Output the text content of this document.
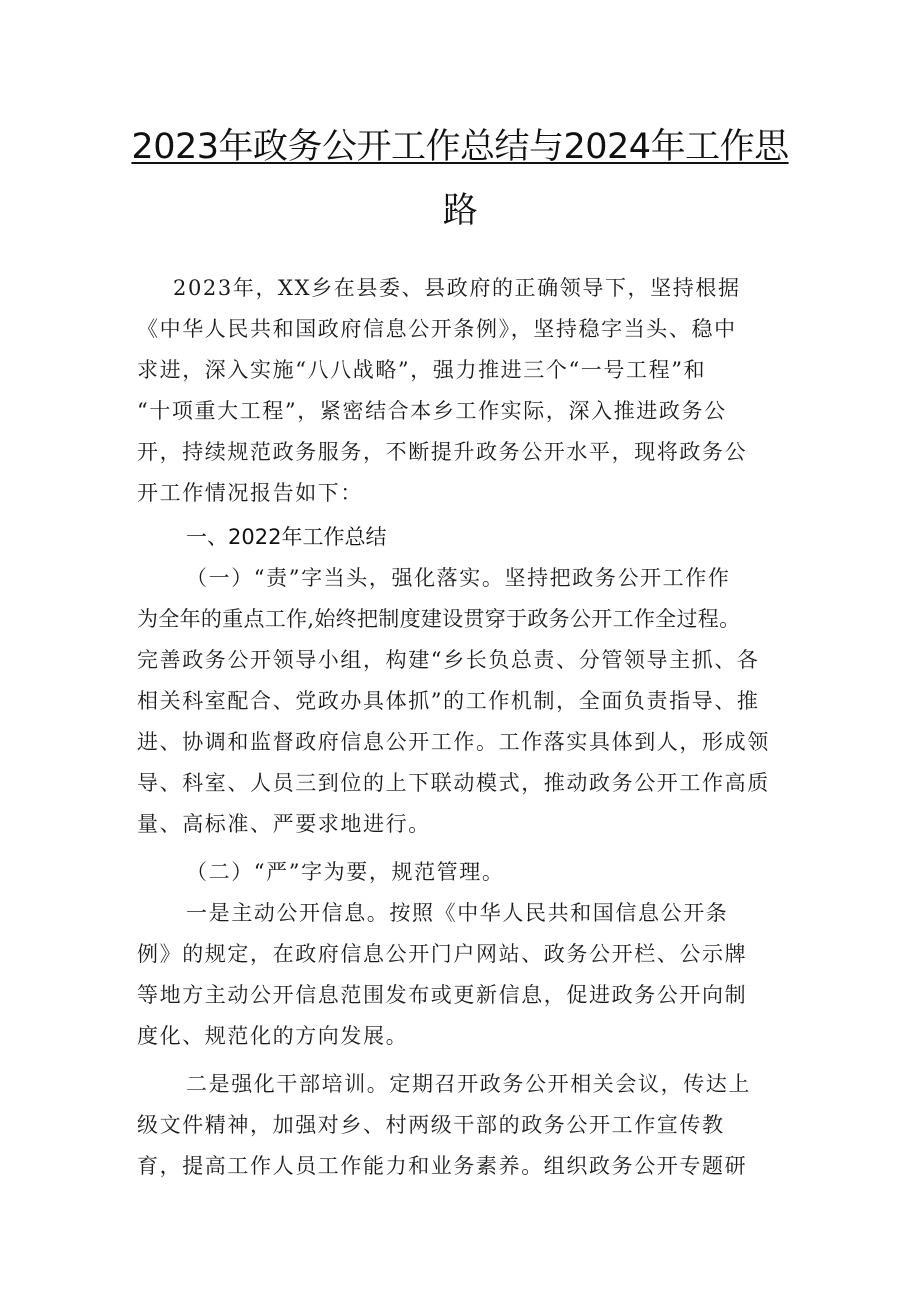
2023年政务公开工作总结与2024年工作思
路
2023年，XX乡在县委、县政府的正确领导下，坚持根据
《中华人民共和国政府信息公开条例》，坚持稳字当头、稳中
求进，深入实施“八八战略”，强力推进三个“一号工程”和
“十项重大工程”，紧密结合本乡工作实际，深入推进政务公
开，持续规范政务服务，不断提升政务公开水平，现将政务公
开工作情况报告如下：
一、2022年工作总结
（一）“责”字当头，强化落实。坚持把政务公开工作作
为全年的重点工作,始终把制度建设贯穿于政务公开工作全过程。
完善政务公开领导小组，构建“乡长负总责、分管领导主抓、各
相关科室配合、党政办具体抓”的工作机制，全面负责指导、推
进、协调和监督政府信息公开工作。工作落实具体到人，形成领
导、科室、人员三到位的上下联动模式，推动政务公开工作高质
量、高标准、严要求地进行。
（二）“严”字为要，规范管理。
一是主动公开信息。按照《中华人民共和国信息公开条
例》的规定，在政府信息公开门户网站、政务公开栏、公示牌
等地方主动公开信息范围发布或更新信息，促进政务公开向制
度化、规范化的方向发展。
二是强化干部培训。定期召开政务公开相关会议，传达上
级文件精神，加强对乡、村两级干部的政务公开工作宣传教
育，提高工作人员工作能力和业务素养。组织政务公开专题研
